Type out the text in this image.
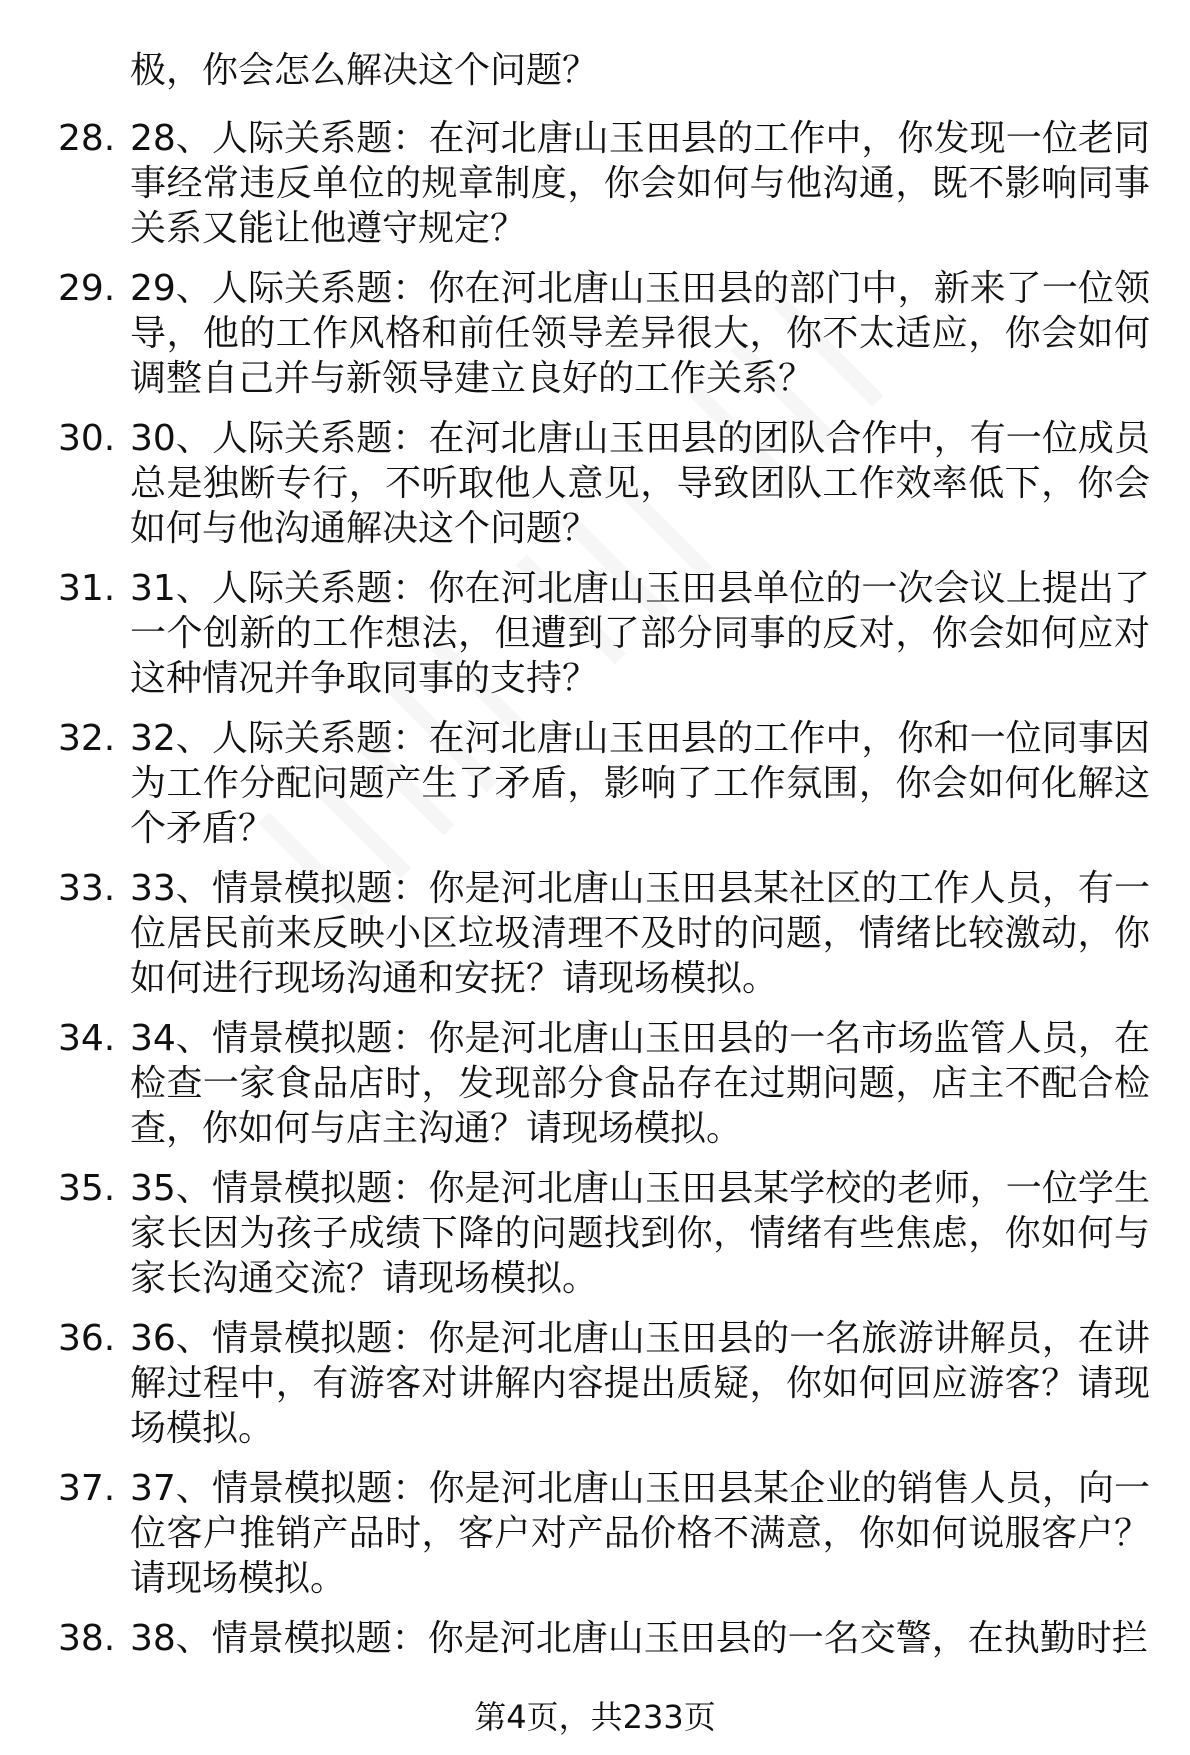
极，你会怎么解决这个问题？
28. 28、人际关系题：在河北唐山玉田县的工作中，你发现一位老同事经常违反单位的规章制度，你会如何与他沟通，既不影响同事关系又能让他遵守规定？
29. 29、人际关系题：你在河北唐山玉田县的部门中，新来了一位领导，他的工作风格和前任领导差异很大，你不太适应，你会如何调整自己并与新领导建立良好的工作关系？
30. 30、人际关系题：在河北唐山玉田县的团队合作中，有一位成员总是独断专行，不听取他人意见，导致团队工作效率低下，你会如何与他沟通解决这个问题？
31. 31、人际关系题：你在河北唐山玉田县单位的一次会议上提出了一个创新的工作想法，但遭到了部分同事的反对，你会如何应对这种情况并争取同事的支持？
32. 32、人际关系题：在河北唐山玉田县的工作中，你和一位同事因为工作分配问题产生了矛盾，影响了工作氛围，你会如何化解这个矛盾？
33. 33、情景模拟题：你是河北唐山玉田县某社区的工作人员，有一位居民前来反映小区垃圾清理不及时的问题，情绪比较激动，你如何进行现场沟通和安抚？请现场模拟。
34. 34、情景模拟题：你是河北唐山玉田县的一名市场监管人员，在检查一家食品店时，发现部分食品存在过期问题，店主不配合检查，你如何与店主沟通？请现场模拟。
35. 35、情景模拟题：你是河北唐山玉田县某学校的老师，一位学生家长因为孩子成绩下降的问题找到你，情绪有些焦虑，你如何与家长沟通交流？请现场模拟。
36. 36、情景模拟题：你是河北唐山玉田县的一名旅游讲解员，在讲解过程中，有游客对讲解内容提出质疑，你如何回应游客？请现场模拟。
37. 37、情景模拟题：你是河北唐山玉田县某企业的销售人员，向一位客户推销产品时，客户对产品价格不满意，你如何说服客户？请现场模拟。
38. 38、情景模拟题：你是河北唐山玉田县的一名交警，在执勤时拦
第4页，共233页
